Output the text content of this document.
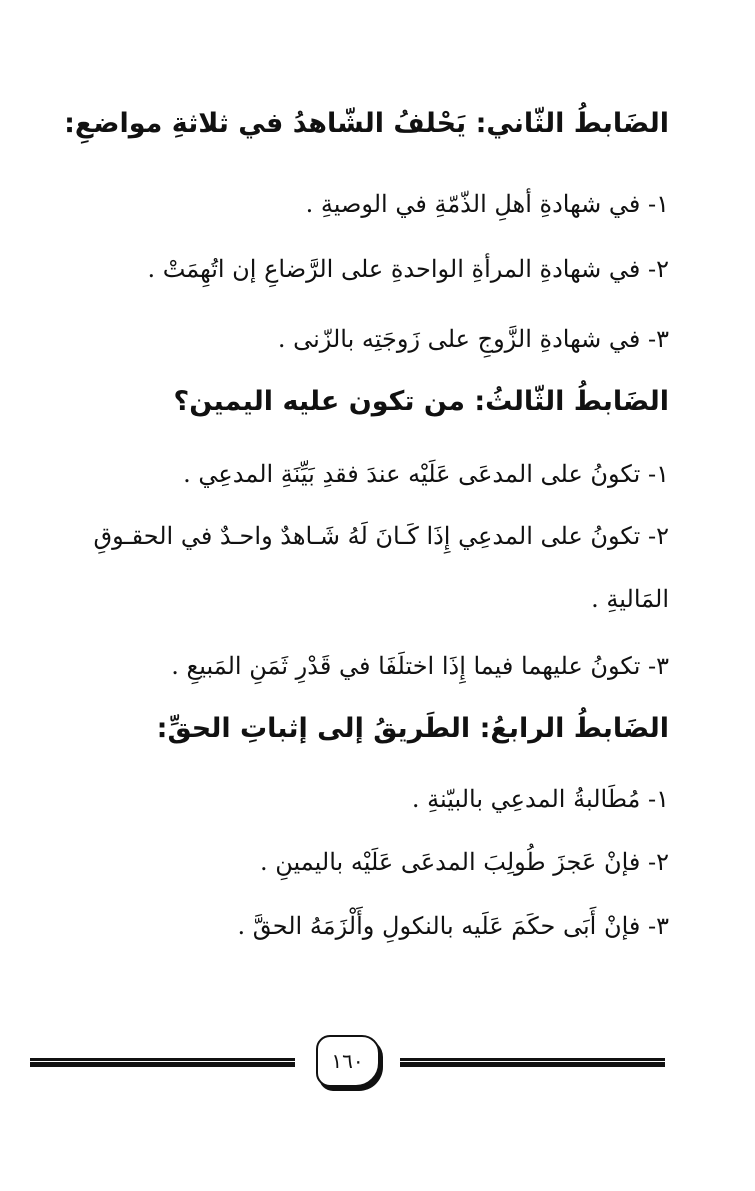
الضَابطُ الثّاني: يَحْلفُ الشّاهدُ في ثلاثةِ مواضعِ:
١- في شهادةِ أهلِ الذّمّةِ في الوصيةِ .
٢- في شهادةِ المرأةِ الواحدةِ على الرَّضاعِ إن اتُهِمَتْ .
٣- في شهادةِ الزَّوجِ على زَوجَتِه بالزّنى .
الضَابطُ الثّالثُ: من تكون عليه اليمين؟
١- تكونُ على المدعَى عَلَيْه عندَ فقدِ بَيِّنَةِ المدعِي .
٢- تكونُ على المدعِي إِذَا كَـانَ لَهُ شَـاهدٌ واحـدٌ في الحقـوقِ
المَاليةِ .
٣- تكونُ عليهما فيما إِذَا اختلَفَا في قَدْرِ ثَمَنِ المَبيعِ .
الضَابطُ الرابعُ: الطَريقُ إلى إثباتِ الحقِّ:
١- مُطَالبةُ المدعِي بالبيّنةِ .
٢- فإنْ عَجزَ طُولِبَ المدعَى عَلَيْه باليمينِ .
٣- فإنْ أَبَى حكَمَ عَلَيه بالنكولِ وأَلْزَمَهُ الحقَّ .
١٦٠
